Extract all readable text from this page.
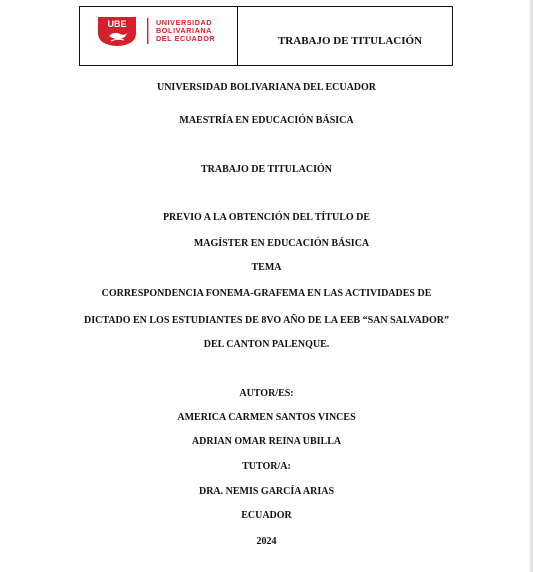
UBE	UNIVERSIDAD
BOLIVARIANA
DEL ECUADOR	TRABAJO DE TITULACIÓN
UNIVERSIDAD BOLIVARIANA DEL ECUADOR
MAESTRÍA EN EDUCACIÓN BÁSICA
TRABAJO DE TITULACIÓN
PREVIO A LA OBTENCIÓN DEL TÍTULO DE
MAGÍSTER EN EDUCACIÓN BÁSICA
TEMA
CORRESPONDENCIA FONEMA-GRAFEMA EN LAS ACTIVIDADES DE
DICTADO EN LOS ESTUDIANTES DE 8VO AÑO DE LA EEB “SAN SALVADOR”
DEL CANTON PALENQUE.
AUTOR/ES:
AMERICA CARMEN SANTOS VINCES
ADRIAN OMAR REINA UBILLA
TUTOR/A:
DRA. NEMIS GARCÍA ARIAS
ECUADOR
2024
